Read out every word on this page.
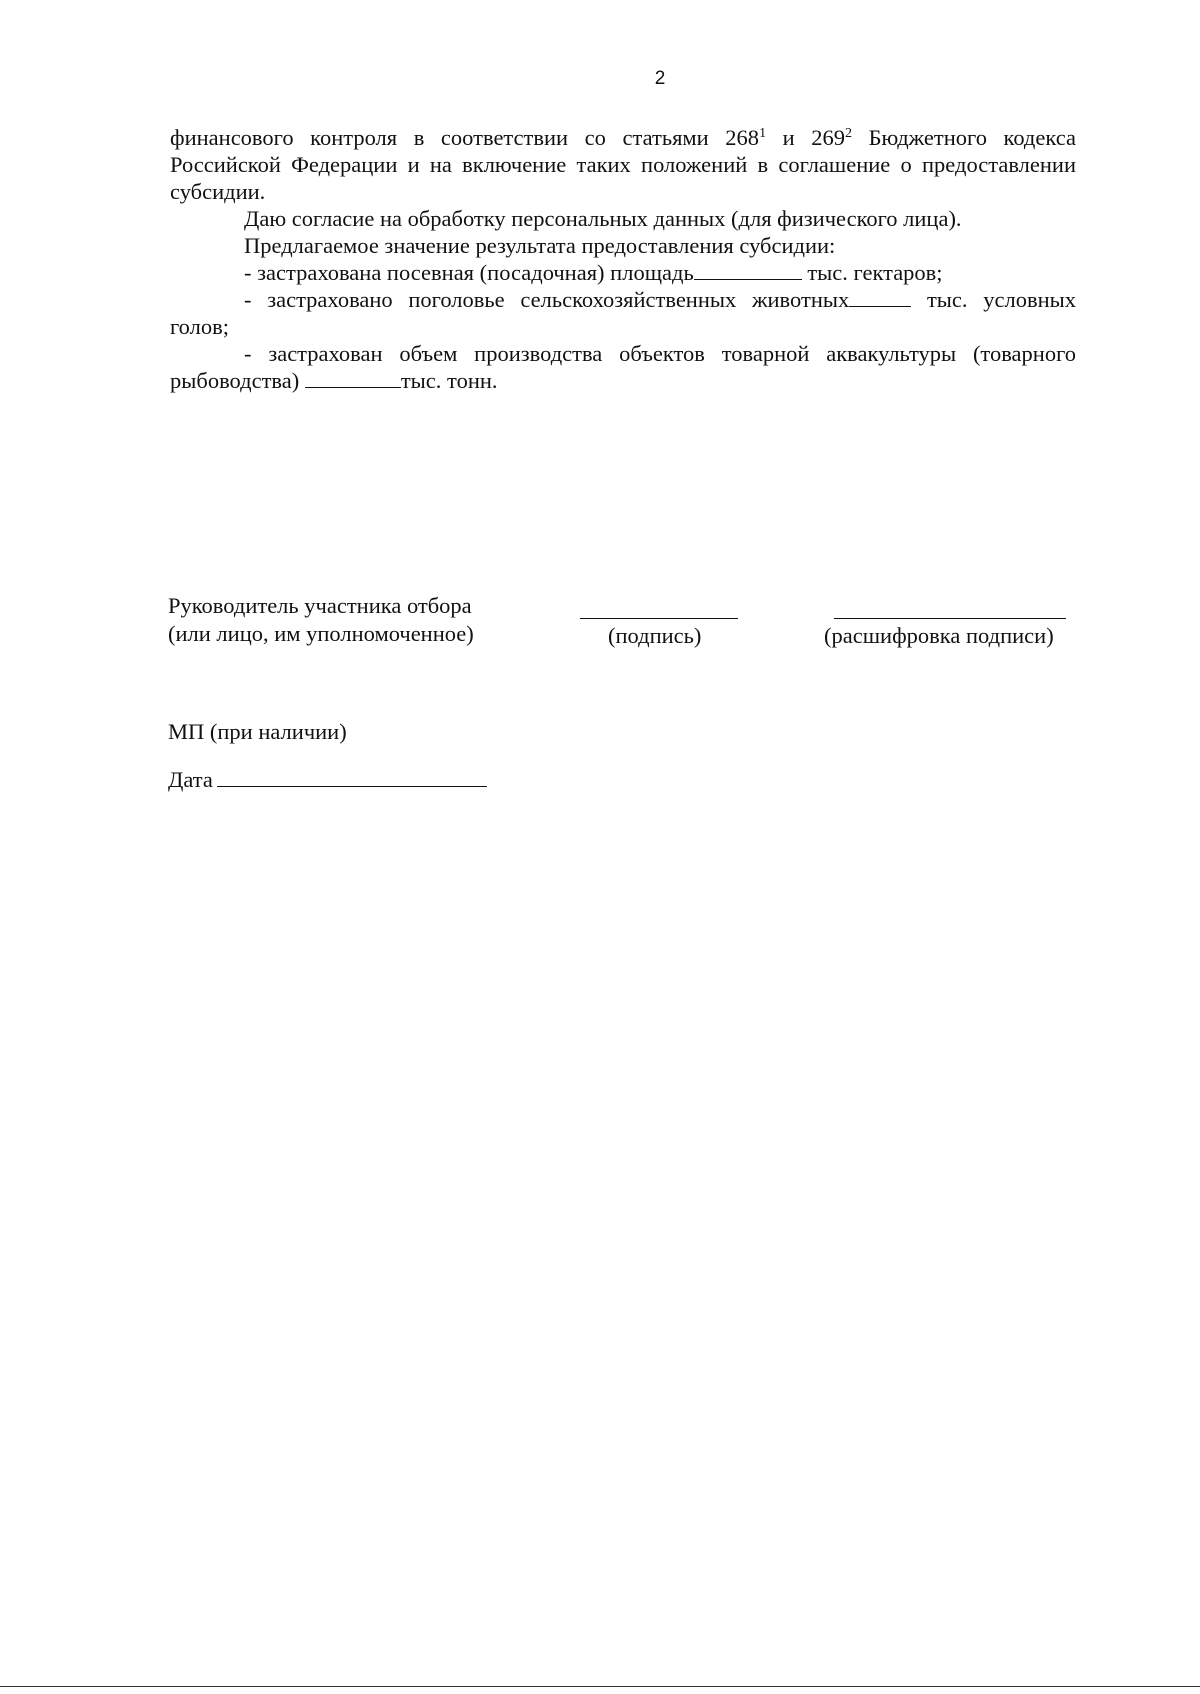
2

финансового контроля в соответствии со статьями $268^1$ и $269^2$ Бюджетного кодекса Российской Федерации и на включение таких положений в соглашение о предоставлении субсидии.

Даю согласие на обработку персональных данных (для физического лица).

Предлагаемое значение результата предоставления субсидии:

- застрахована посевная (посадочная) площадь	тыс. гектаров;

- застраховано поголовье сельскохозяйственных животных	тыс. условных голов;

- застрахован объем производства объектов товарной аквакультуры (товарного рыбоводства)	тыс. тонн.

Руководитель участника отбора
(или лицо, им уполномоченное)	(подпись)	(расшифровка подписи)
МП (при наличии)
Дата
